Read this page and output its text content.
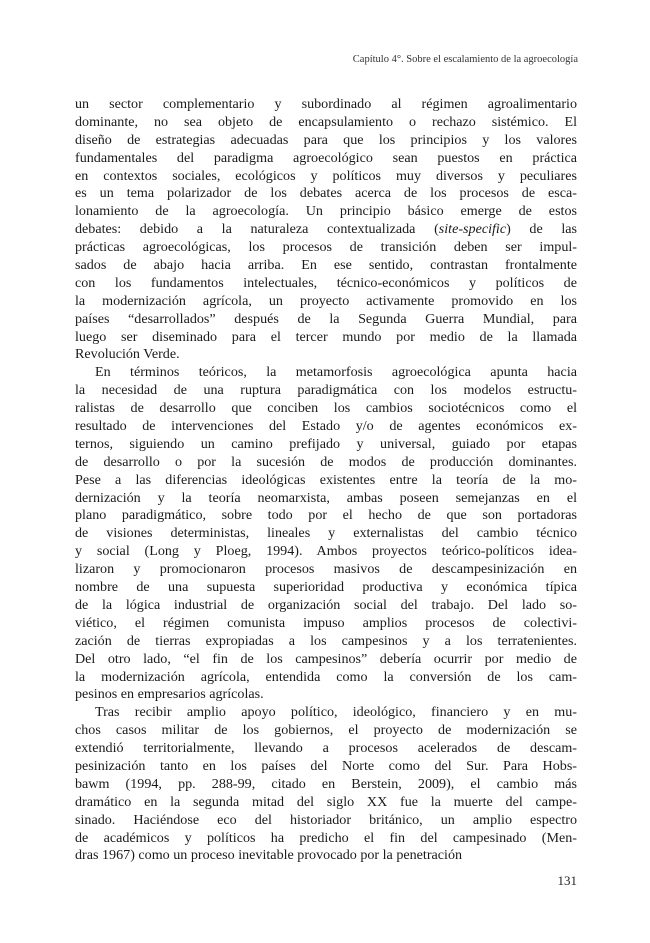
Capítulo 4°. Sobre el escalamiento de la agroecología
un sector complementario y subordinado al régimen agroalimentario
dominante, no sea objeto de encapsulamiento o rechazo sistémico. El
diseño de estrategias adecuadas para que los principios y los valores
fundamentales del paradigma agroecológico sean puestos en práctica
en contextos sociales, ecológicos y políticos muy diversos y peculiares
es un tema polarizador de los debates acerca de los procesos de esca-
lonamiento de la agroecología. Un principio básico emerge de estos
debates: debido a la naturaleza contextualizada (site-specific) de las
prácticas agroecológicas, los procesos de transición deben ser impul-
sados de abajo hacia arriba. En ese sentido, contrastan frontalmente
con los fundamentos intelectuales, técnico-económicos y políticos de
la modernización agrícola, un proyecto activamente promovido en los
países “desarrollados” después de la Segunda Guerra Mundial, para
luego ser diseminado para el tercer mundo por medio de la llamada
Revolución Verde.
En términos teóricos, la metamorfosis agroecológica apunta hacia
la necesidad de una ruptura paradigmática con los modelos estructu-
ralistas de desarrollo que conciben los cambios sociotécnicos como el
resultado de intervenciones del Estado y/o de agentes económicos ex-
ternos, siguiendo un camino prefijado y universal, guiado por etapas
de desarrollo o por la sucesión de modos de producción dominantes.
Pese a las diferencias ideológicas existentes entre la teoría de la mo-
dernización y la teoría neomarxista, ambas poseen semejanzas en el
plano paradigmático, sobre todo por el hecho de que son portadoras
de visiones deterministas, lineales y externalistas del cambio técnico
y social (Long y Ploeg, 1994). Ambos proyectos teórico-políticos idea-
lizaron y promocionaron procesos masivos de descampesinización en
nombre de una supuesta superioridad productiva y económica típica
de la lógica industrial de organización social del trabajo. Del lado so-
viético, el régimen comunista impuso amplios procesos de colectivi-
zación de tierras expropiadas a los campesinos y a los terratenientes.
Del otro lado, “el fin de los campesinos” debería ocurrir por medio de
la modernización agrícola, entendida como la conversión de los cam-
pesinos en empresarios agrícolas.
Tras recibir amplio apoyo político, ideológico, financiero y en mu-
chos casos militar de los gobiernos, el proyecto de modernización se
extendió territorialmente, llevando a procesos acelerados de descam-
pesinización tanto en los países del Norte como del Sur. Para Hobs-
bawm (1994, pp. 288-99, citado en Berstein, 2009), el cambio más
dramático en la segunda mitad del siglo XX fue la muerte del campe-
sinado. Haciéndose eco del historiador británico, un amplio espectro
de académicos y políticos ha predicho el fin del campesinado (Men-
dras 1967) como un proceso inevitable provocado por la penetración
131
